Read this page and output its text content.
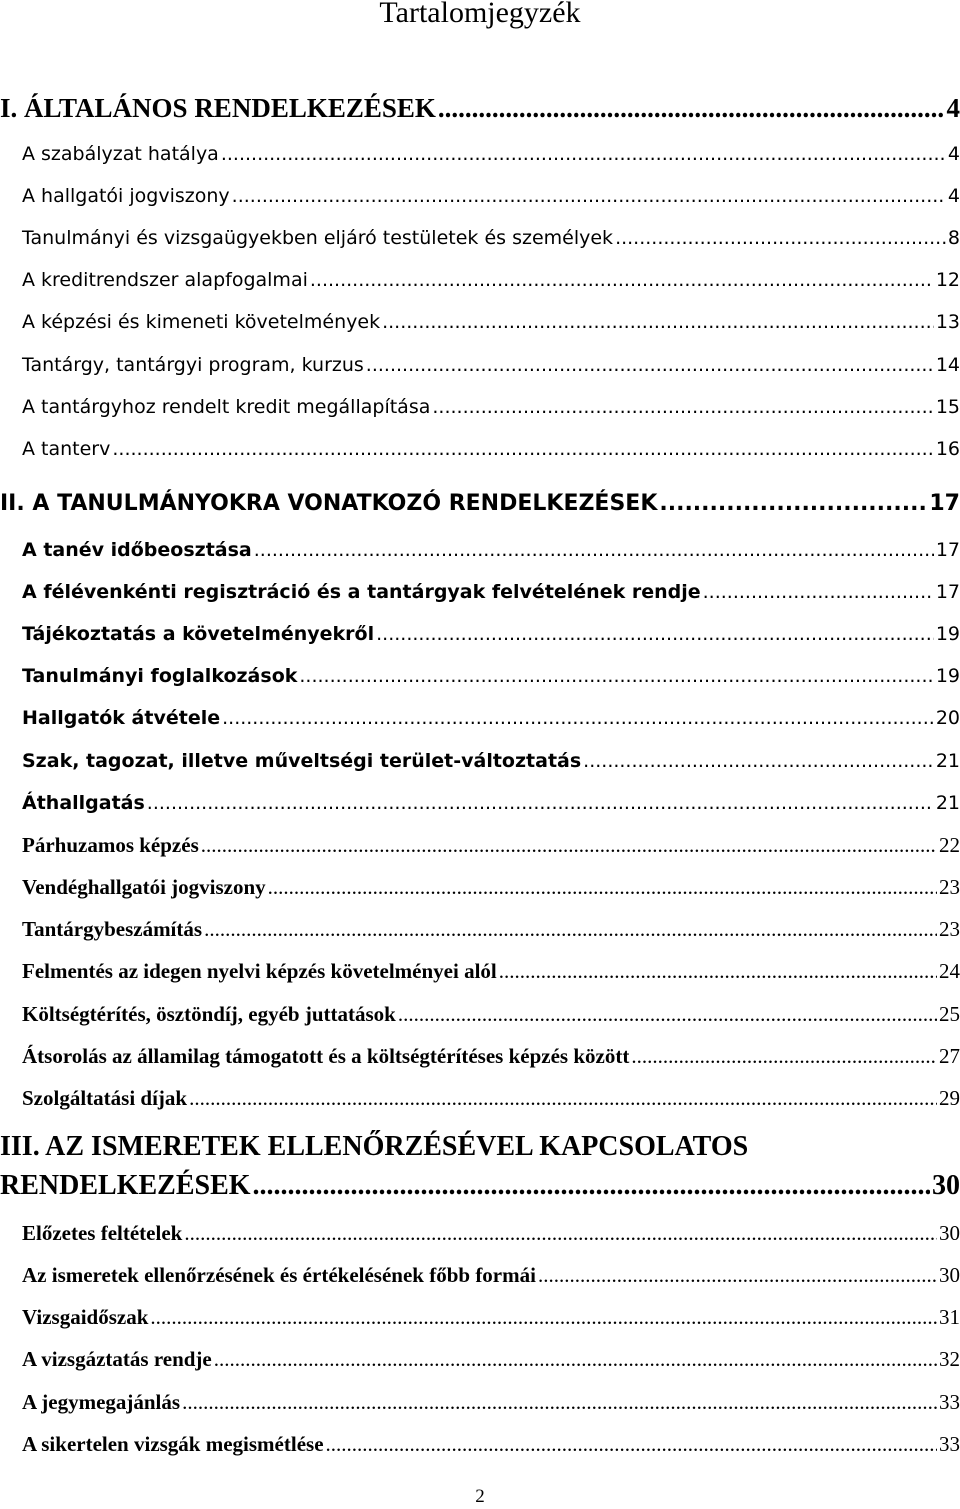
Tartalomjegyzék
I. ÁLTALÁNOS RENDELKEZÉSEK .....	4
A szabályzat hatálya .....	4
A hallgatói jogviszony .....	4
Tanulmányi és vizsgaügyekben eljáró testületek és személyek .....	8
A kreditrendszer alapfogalmai .....	12
A képzési és kimeneti követelmények .....	13
Tantárgy, tantárgyi program, kurzus .....	14
A tantárgyhoz rendelt kredit megállapítása .....	15
A tanterv .....	16
II. A TANULMÁNYOKRA VONATKOZÓ RENDELKEZÉSEK .....	17
A tanév időbeosztása .....	17
A félévenkénti regisztráció és a tantárgyak felvételének rendje .....	17
Tájékoztatás a követelményekről .....	19
Tanulmányi foglalkozások .....	19
Hallgatók átvétele .....	20
Szak, tagozat, illetve műveltségi terület-változtatás .....	21
Áthallgatás .....	21
Párhuzamos képzés .....	22
Vendéghallgatói jogviszony .....	23
Tantárgybeszámítás .....	23
Felmentés az idegen nyelvi képzés követelményei alól .....	24
Költségtérítés, ösztöndíj, egyéb juttatások .....	25
Átsorolás az államilag támogatott és a költségtérítéses képzés között .....	27
Szolgáltatási díjak .....	29
III. AZ ISMERETEK ELLENŐRZÉSÉVEL KAPCSOLATOS
RENDELKEZÉSEK .....	30
Előzetes feltételek .....	30
Az ismeretek ellenőrzésének és értékelésének főbb formái .....	30
Vizsgaidőszak .....	31
A vizsgáztatás rendje .....	32
A jegymegajánlás .....	33
A sikertelen vizsgák megismétlése .....	33
2
